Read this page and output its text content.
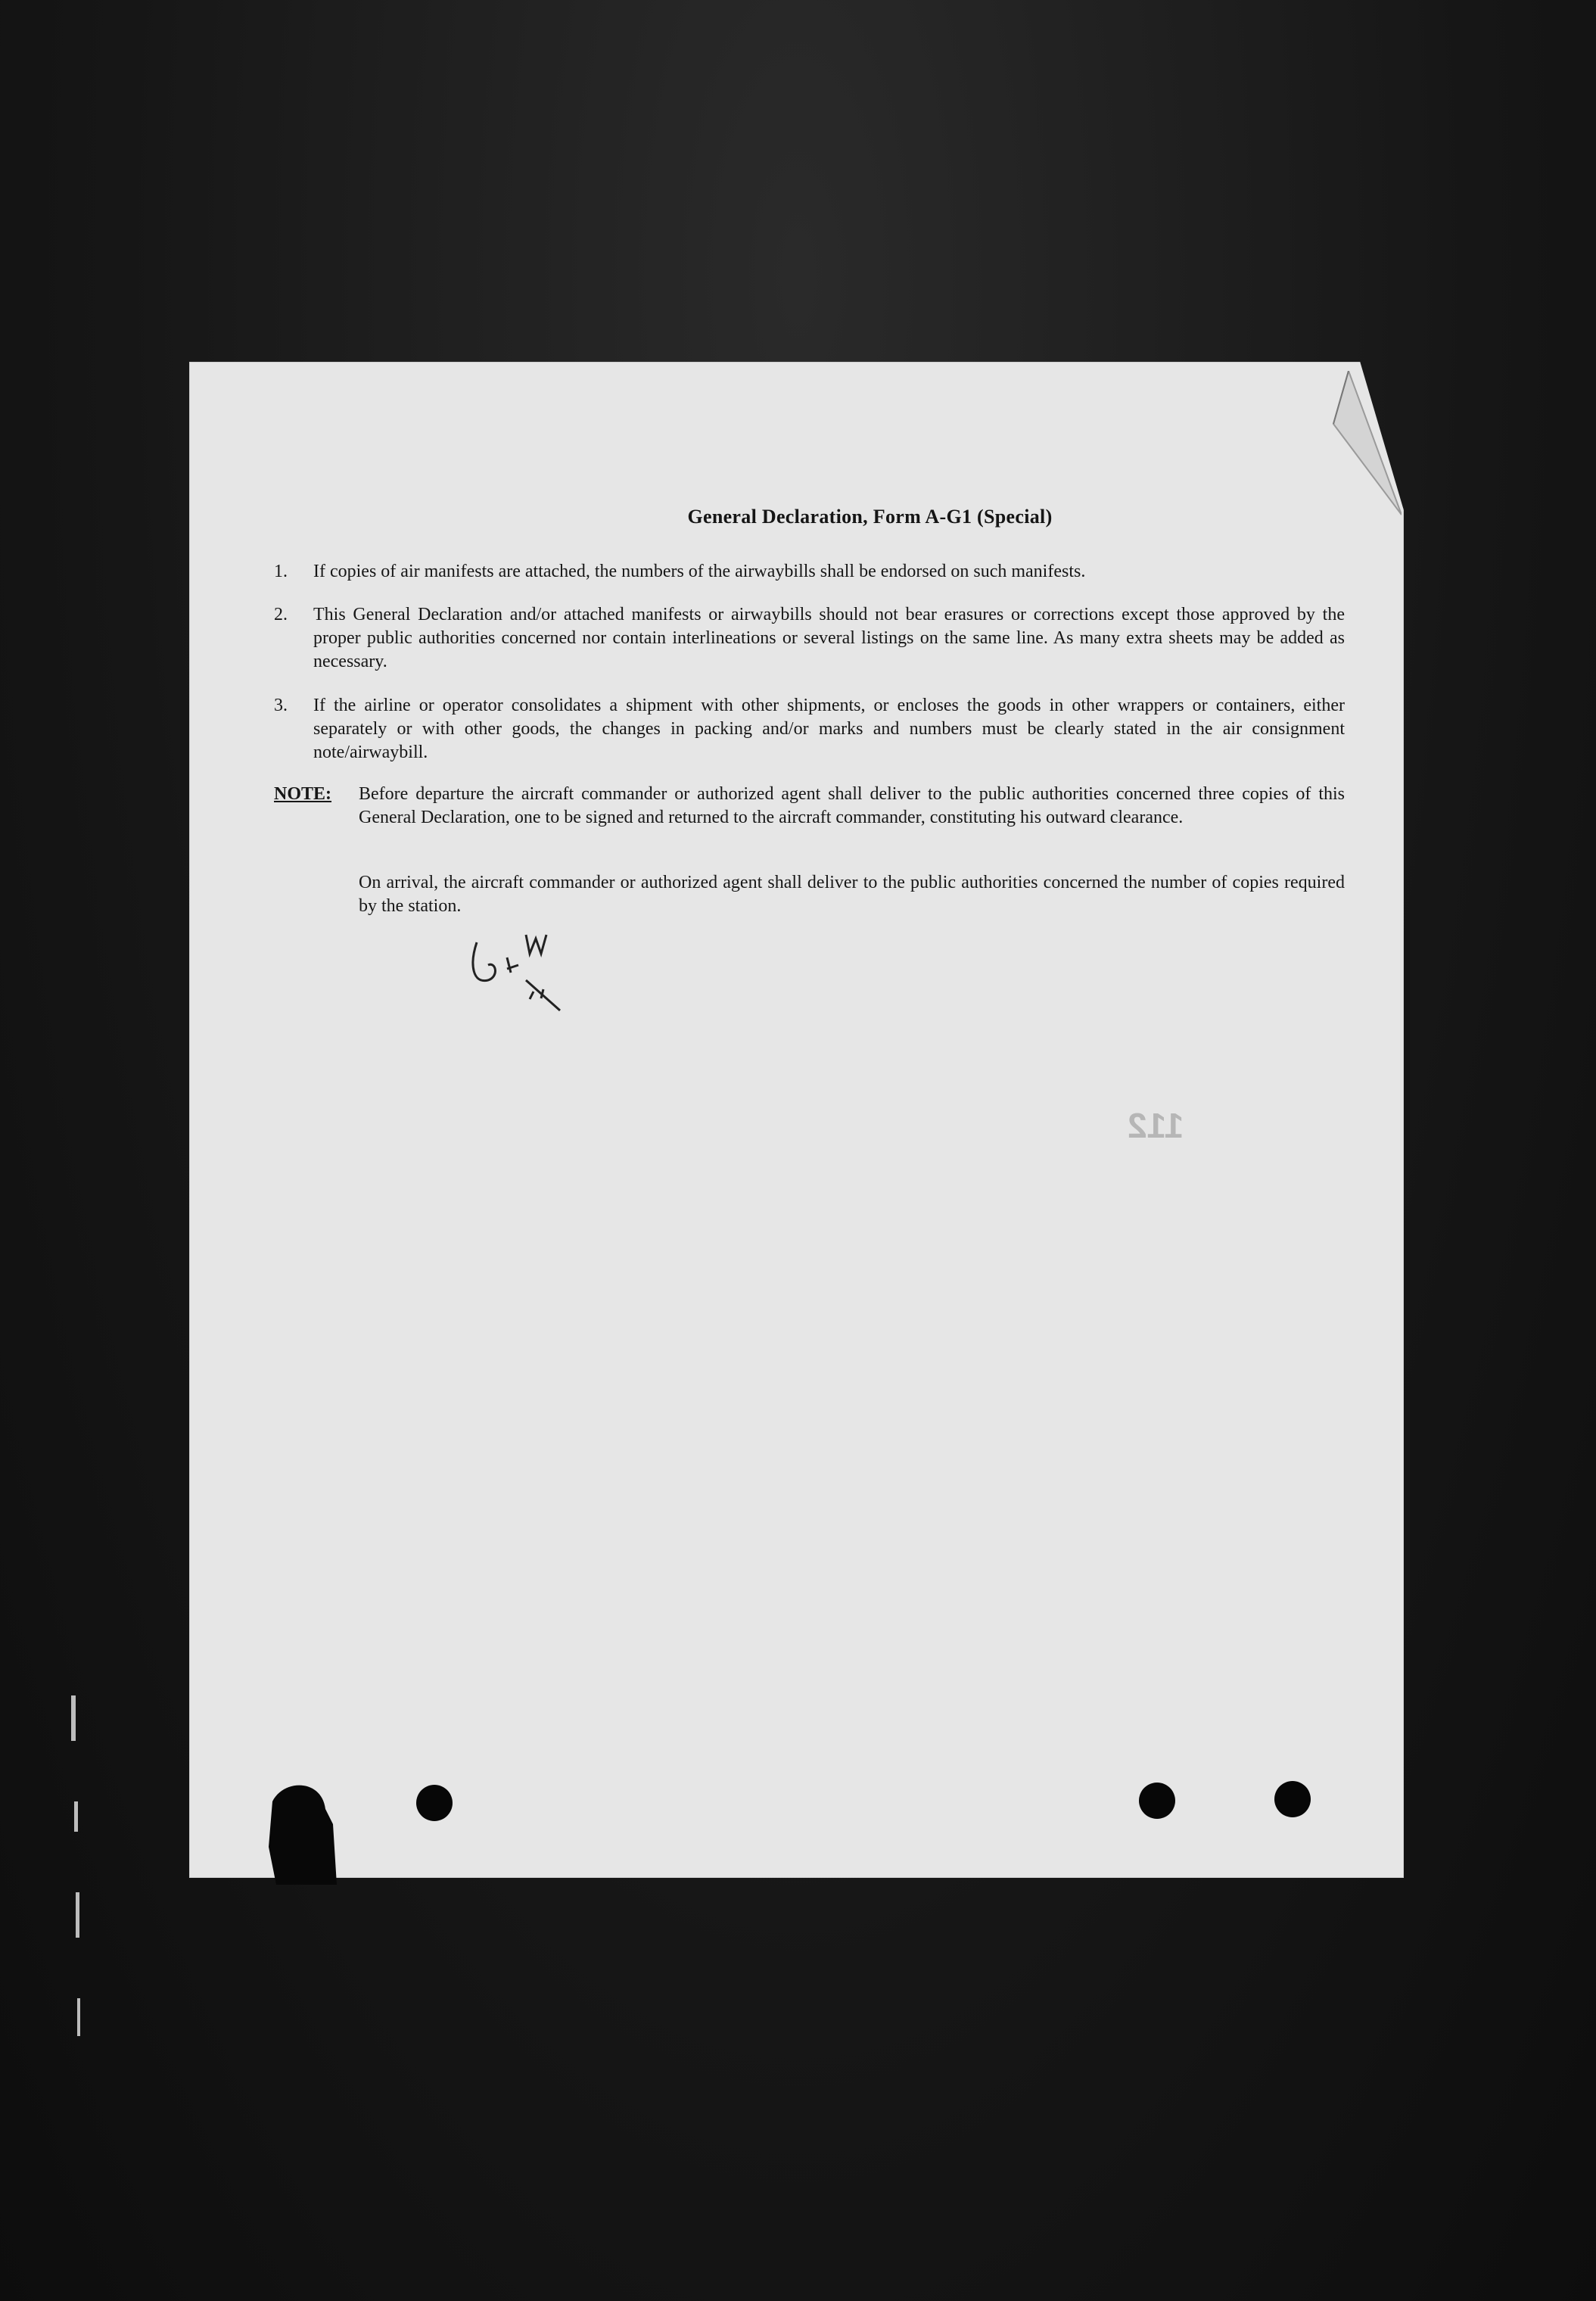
General Declaration, Form A-G1 (Special)
1. If copies of air manifests are attached, the numbers of the airwaybills shall be endorsed on such manifests.
2. This General Declaration and/or attached manifests or airwaybills should not bear erasures or corrections except those approved by the proper public authorities concerned nor contain interlineations or several listings on the same line. As many extra sheets may be added as necessary.
3. If the airline or operator consolidates a shipment with other shipments, or encloses the goods in other wrappers or containers, either separately or with other goods, the changes in packing and/or marks and numbers must be clearly stated in the air consignment note/airwaybill.
NOTE: Before departure the aircraft commander or authorized agent shall deliver to the public authorities concerned three copies of this General Declaration, one to be signed and returned to the aircraft commander, constituting his outward clearance.
On arrival, the aircraft commander or authorized agent shall deliver to the public authorities concerned the number of copies required by the station.
112
